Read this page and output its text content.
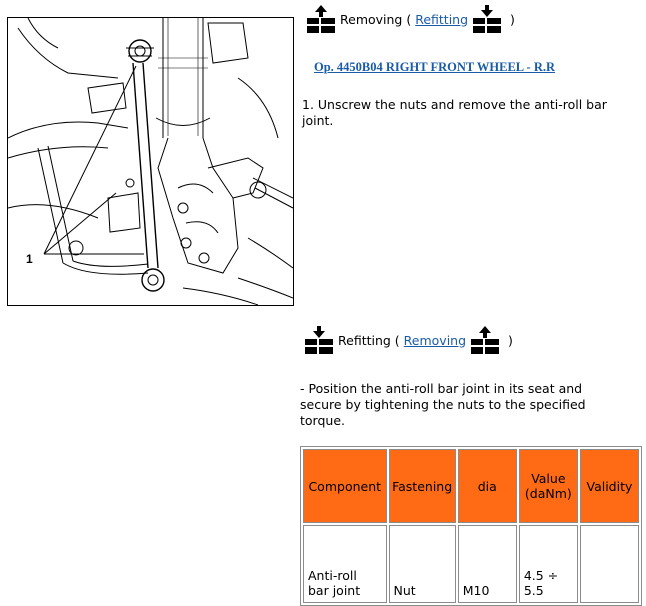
1
Removing ( Refitting	)
Op. 4450B04 RIGHT FRONT WHEEL - R.R
1. Unscrew the nuts and remove the anti-roll bar joint.
Refitting ( Removing	)
- Position the anti-roll bar joint in its seat and secure by tightening the nuts to the specified torque.
Component	Fastening	dia	Value (daNm)	Validity
Anti-roll bar joint	Nut	M10	4.5 ÷ 5.5	
